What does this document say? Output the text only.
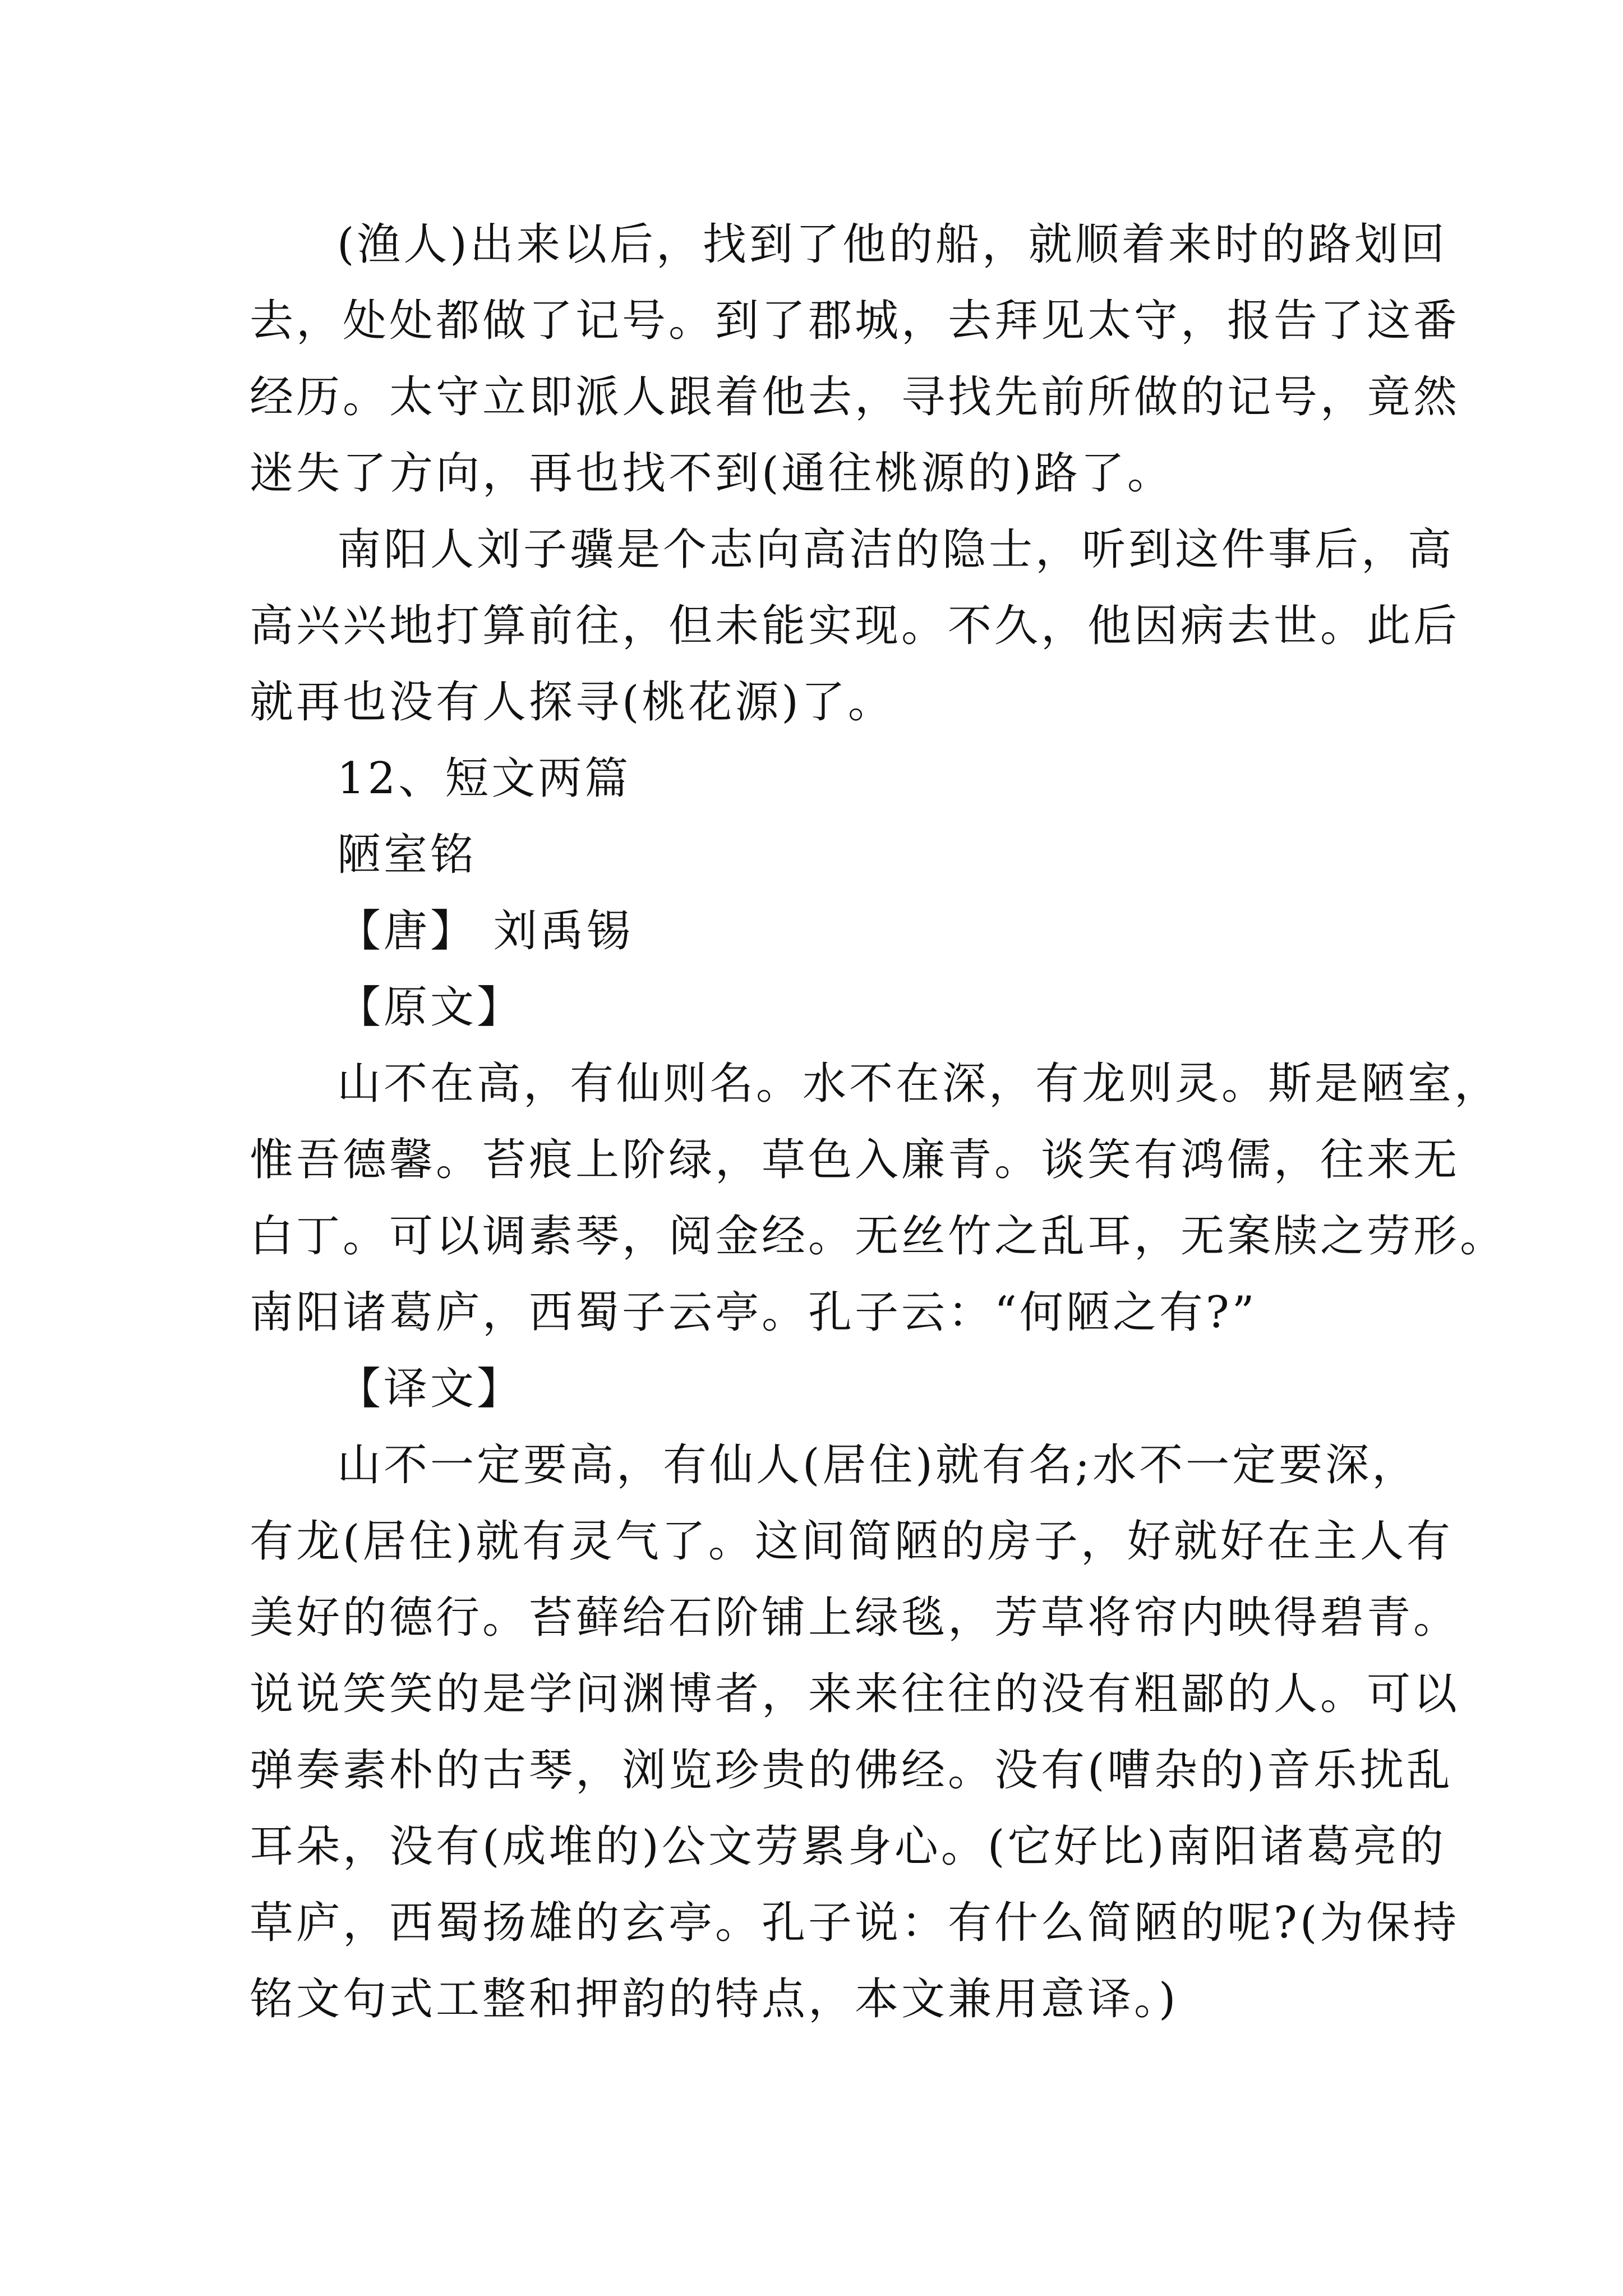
(渔人)出来以后，找到了他的船，就顺着来时的路划回
去，处处都做了记号。到了郡城，去拜见太守，报告了这番
经历。太守立即派人跟着他去，寻找先前所做的记号，竟然
迷失了方向，再也找不到(通往桃源的)路了。
南阳人刘子骥是个志向高洁的隐士，听到这件事后，高
高兴兴地打算前往，但未能实现。不久，他因病去世。此后
就再也没有人探寻(桃花源)了。
12、短文两篇
陋室铭
【唐】 刘禹锡
【原文】
山不在高，有仙则名。水不在深，有龙则灵。斯是陋室，
惟吾德馨。苔痕上阶绿，草色入廉青。谈笑有鸿儒，往来无
白丁。可以调素琴，阅金经。无丝竹之乱耳，无案牍之劳形。
南阳诸葛庐，西蜀子云亭。孔子云：“何陋之有?”
【译文】
山不一定要高，有仙人(居住)就有名;水不一定要深，
有龙(居住)就有灵气了。这间简陋的房子，好就好在主人有
美好的德行。苔藓给石阶铺上绿毯，芳草将帘内映得碧青。
说说笑笑的是学问渊博者，来来往往的没有粗鄙的人。可以
弹奏素朴的古琴，浏览珍贵的佛经。没有(嘈杂的)音乐扰乱
耳朵，没有(成堆的)公文劳累身心。(它好比)南阳诸葛亮的
草庐，西蜀扬雄的玄亭。孔子说：有什么简陋的呢?(为保持
铭文句式工整和押韵的特点，本文兼用意译。)
